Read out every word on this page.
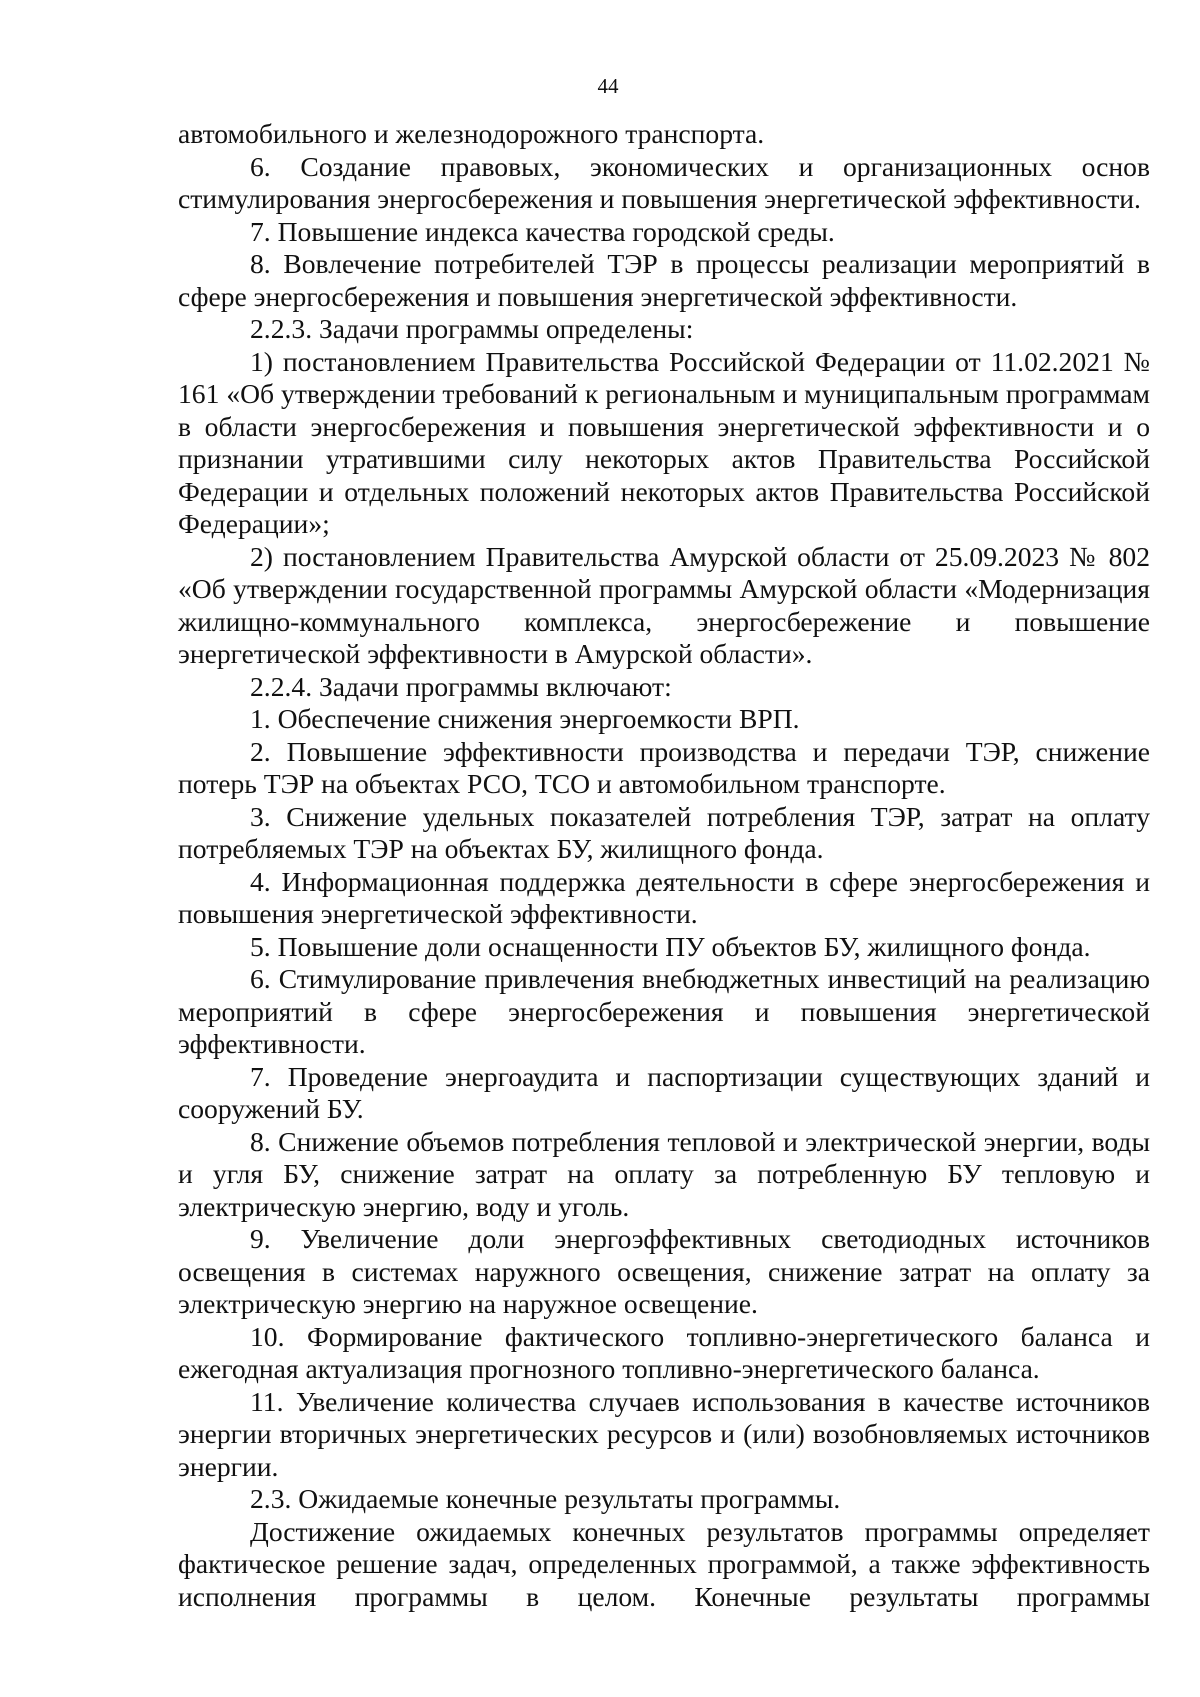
44

автомобильного и железнодорожного транспорта.

6. Создание правовых, экономических и организационных основ стимулирования энергосбережения и повышения энергетической эффективности.

7. Повышение индекса качества городской среды.

8. Вовлечение потребителей ТЭР в процессы реализации мероприятий в сфере энергосбережения и повышения энергетической эффективности.

2.2.3. Задачи программы определены:

1) постановлением Правительства Российской Федерации от 11.02.2021 № 161 «Об утверждении требований к региональным и муниципальным программам в области энергосбережения и повышения энергетической эффективности и о признании утратившими силу некоторых актов Правительства Российской Федерации и отдельных положений некоторых актов Правительства Российской Федерации»;

2) постановлением Правительства Амурской области от 25.09.2023 № 802 «Об утверждении государственной программы Амурской области «Модернизация жилищно-коммунального комплекса, энергосбережение и повышение энергетической эффективности в Амурской области».

2.2.4. Задачи программы включают:

1. Обеспечение снижения энергоемкости ВРП.

2. Повышение эффективности производства и передачи ТЭР, снижение потерь ТЭР на объектах РСО, ТСО и автомобильном транспорте.

3. Снижение удельных показателей потребления ТЭР, затрат на оплату потребляемых ТЭР на объектах БУ, жилищного фонда.

4. Информационная поддержка деятельности в сфере энергосбережения и повышения энергетической эффективности.

5. Повышение доли оснащенности ПУ объектов БУ, жилищного фонда.

6. Стимулирование привлечения внебюджетных инвестиций на реализацию мероприятий в сфере энергосбережения и повышения энергетической эффективности.

7. Проведение энергоаудита и паспортизации существующих зданий и сооружений БУ.

8. Снижение объемов потребления тепловой и электрической энергии, воды и угля БУ, снижение затрат на оплату за потребленную БУ тепловую и электрическую энергию, воду и уголь.

9. Увеличение доли энергоэффективных светодиодных источников освещения в системах наружного освещения, снижение затрат на оплату за электрическую энергию на наружное освещение.

10. Формирование фактического топливно-энергетического баланса и ежегодная актуализация прогнозного топливно-энергетического баланса.

11. Увеличение количества случаев использования в качестве источников энергии вторичных энергетических ресурсов и (или) возобновляемых источников энергии.

2.3. Ожидаемые конечные результаты программы.

Достижение ожидаемых конечных результатов программы определяет фактическое решение задач, определенных программой, а также эффективность исполнения программы в целом. Конечные результаты программы
